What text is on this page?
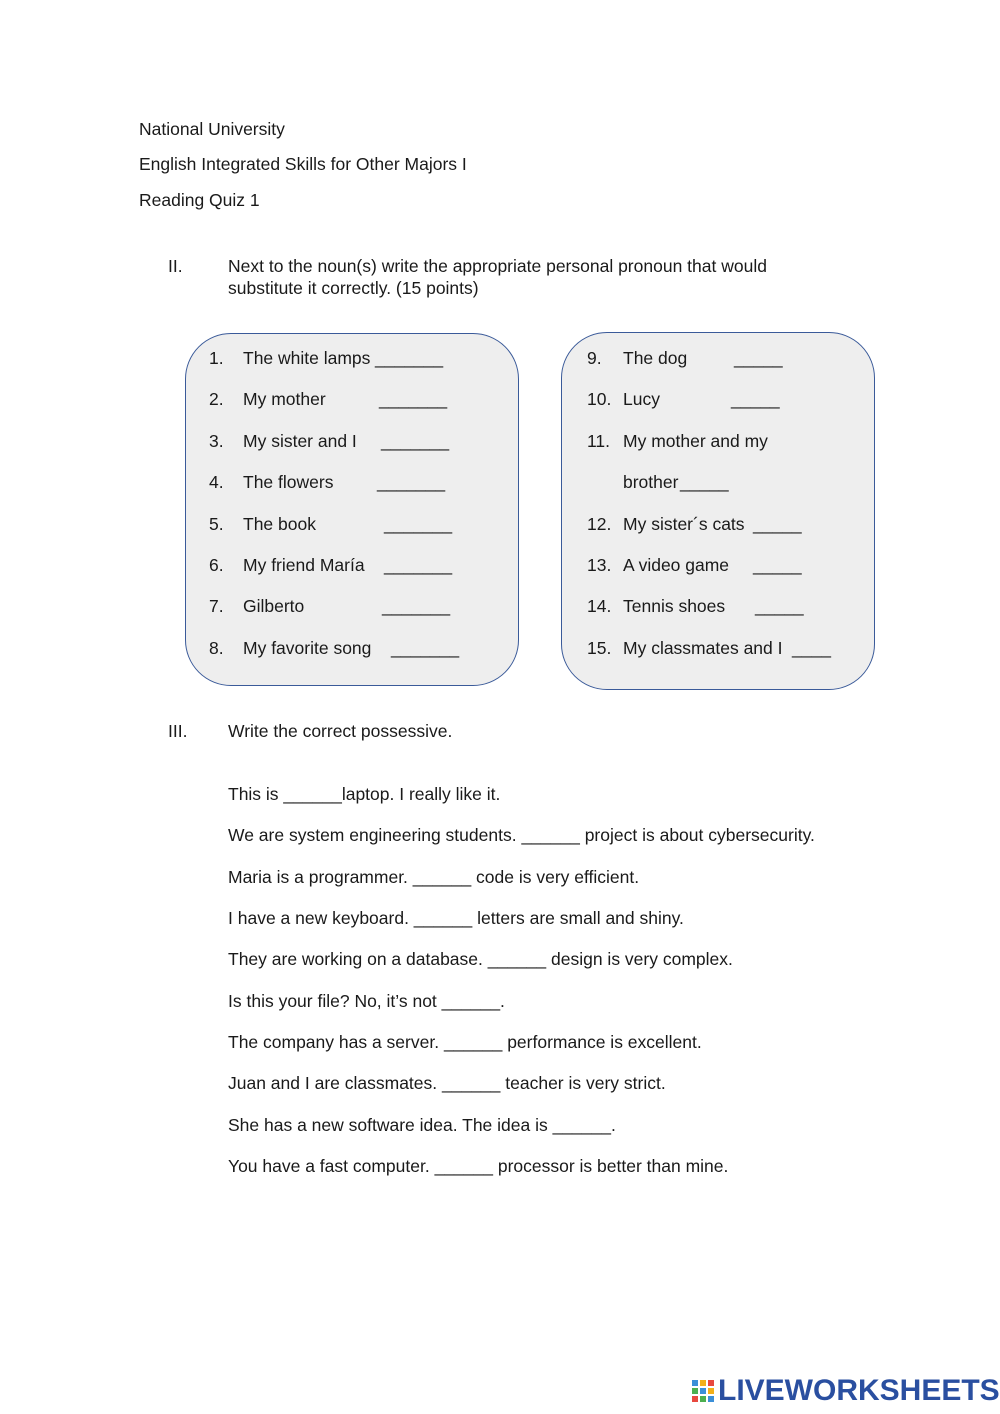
National University
English Integrated Skills for Other Majors I
Reading Quiz 1
II.	Next to the noun(s) write the appropriate personal pronoun that would substitute it correctly. (15 points)
1. The white lamps _______
2. My mother	_______
3. My sister and I _______
4. The flowers _______
5. The book	_______
6. My friend María _______
7. Gilberto	_______
8. My favorite song _______
9. The dog	_____
10. Lucy	_____
11. My mother and my
brother _____
12. My sister´s cats _____
13. A video game _____
14. Tennis shoes _____
15. My classmates and I ____
III. Write the correct possessive.
This is ______laptop. I really like it.
We are system engineering students. ______ project is about cybersecurity.
Maria is a programmer. ______ code is very efficient.
I have a new keyboard. ______ letters are small and shiny.
They are working on a database. ______ design is very complex.
Is this your file? No, it’s not ______.
The company has a server. ______ performance is excellent.
Juan and I are classmates. ______ teacher is very strict.
She has a new software idea. The idea is ______.
You have a fast computer. ______ processor is better than mine.
LIVEWORKSHEETS
